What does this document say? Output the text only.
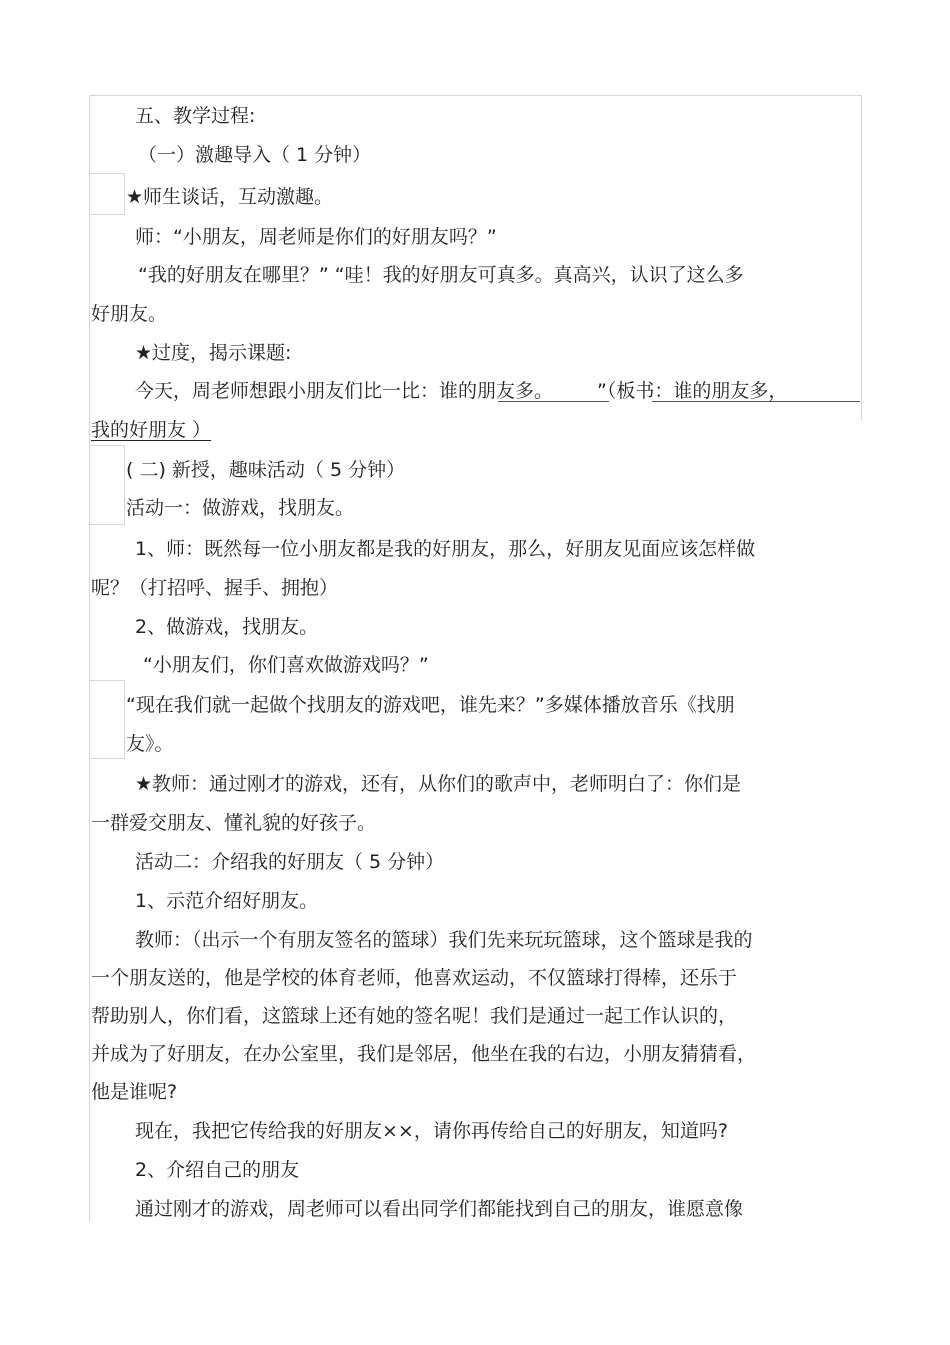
五、教学过程:
（一）激趣导入（ 1 分钟）
★师生谈话，互动激趣。
师：“小朋友，周老师是你们的好朋友吗？”
“我的好朋友在哪里？” “哇！我的好朋友可真多。真高兴，认识了这么多
好朋友。
★过度，揭示课题:
今天，周老师想跟小朋友们比一比：谁的朋友多。 ”（板书：谁的朋友多，
我的好朋友 ）
( 二) 新授，趣味活动（ 5 分钟）
活动一：做游戏，找朋友。
1、师：既然每一位小朋友都是我的好朋友，那么，好朋友见面应该怎样做
呢？（打招呼、握手、拥抱）
2、做游戏，找朋友。
“小朋友们，你们喜欢做游戏吗？”
“现在我们就一起做个找朋友的游戏吧，谁先来？”多媒体播放音乐《找朋
友》。
★教师：通过刚才的游戏，还有，从你们的歌声中，老师明白了：你们是
一群爱交朋友、懂礼貌的好孩子。
活动二：介绍我的好朋友（ 5 分钟）
1、示范介绍好朋友。
教师：（出示一个有朋友签名的篮球）我们先来玩玩篮球，这个篮球是我的
一个朋友送的，他是学校的体育老师，他喜欢运动，不仅篮球打得棒，还乐于
帮助别人，你们看，这篮球上还有她的签名呢！我们是通过一起工作认识的，
并成为了好朋友，在办公室里，我们是邻居，他坐在我的右边，小朋友猜猜看，
他是谁呢?
现在，我把它传给我的好朋友××，请你再传给自己的好朋友，知道吗?
2、介绍自己的朋友
通过刚才的游戏，周老师可以看出同学们都能找到自己的朋友，谁愿意像
